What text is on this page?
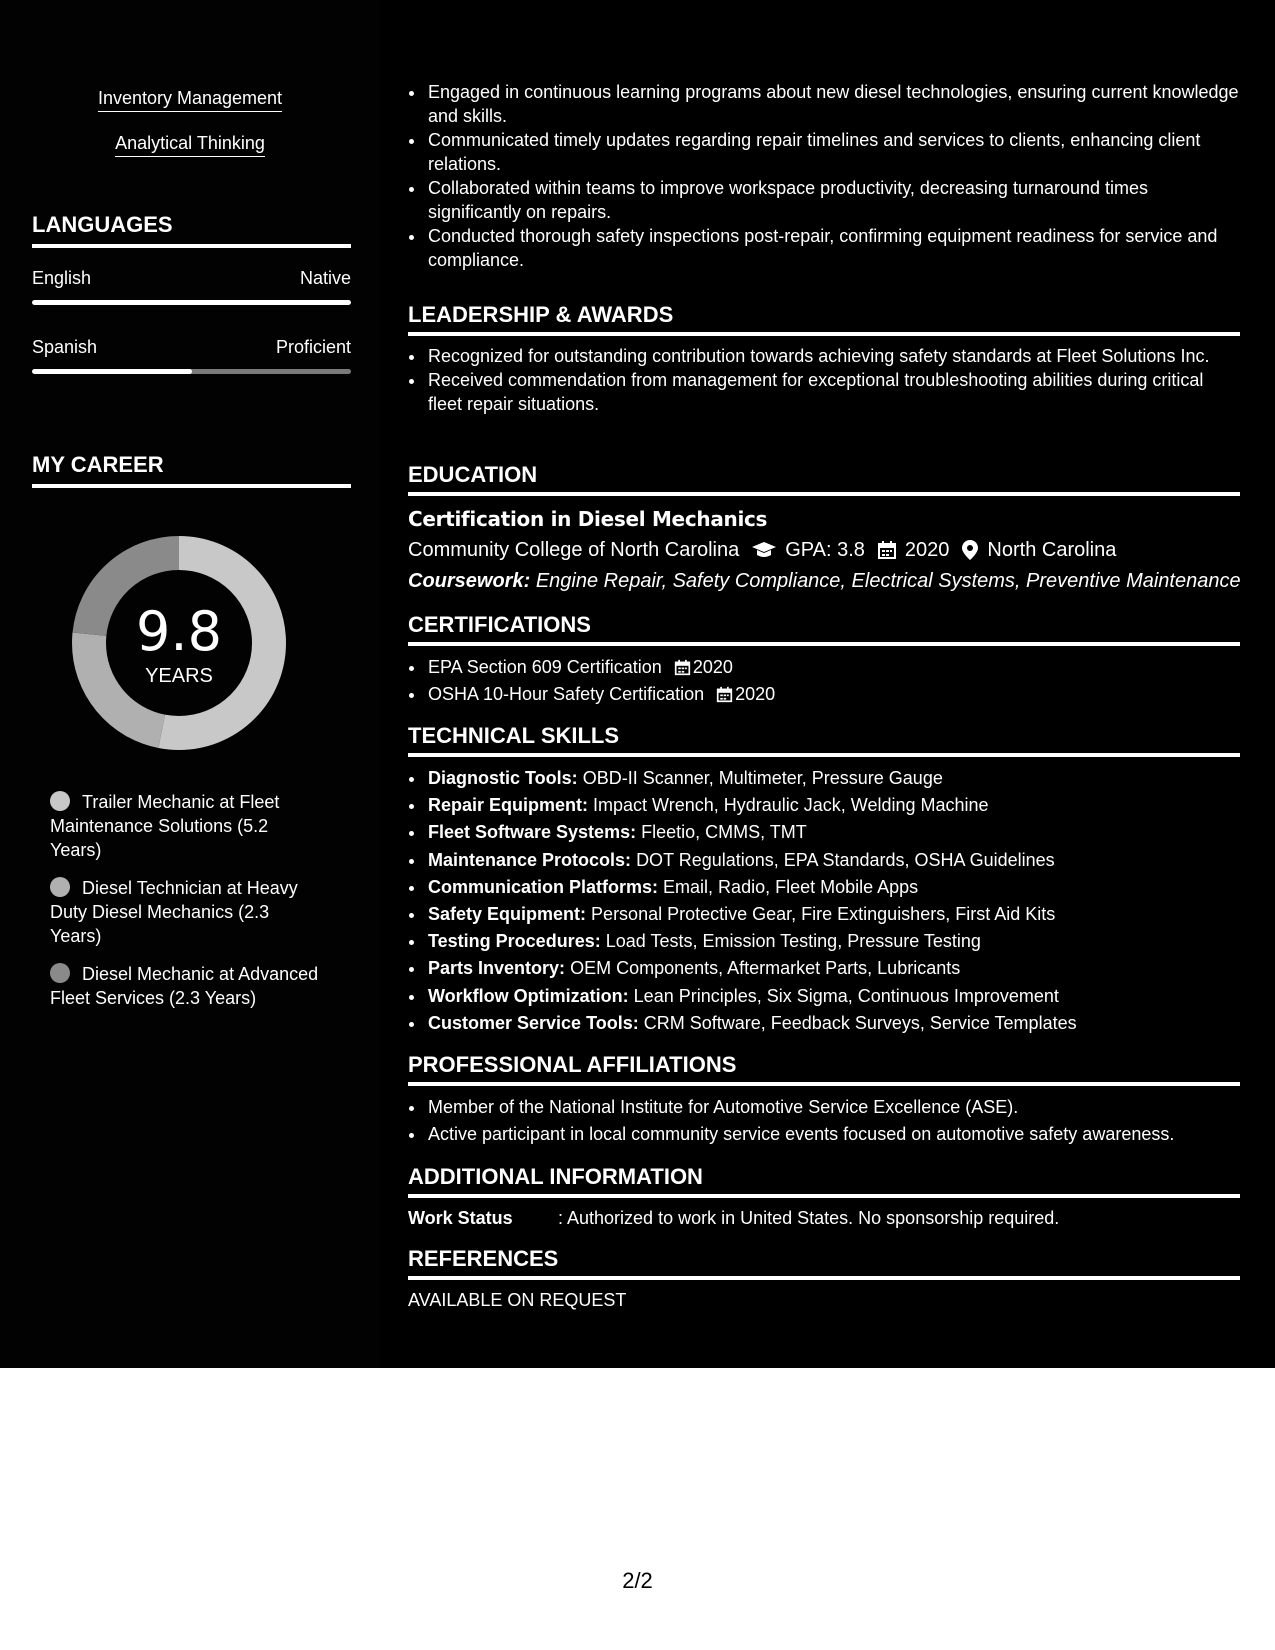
Inventory Management
Analytical Thinking
LANGUAGES
English	Native
Spanish	Proficient
MY CAREER
9.8
YEARS
Trailer Mechanic at Fleet Maintenance Solutions (5.2 Years)
Diesel Technician at Heavy Duty Diesel Mechanics (2.3 Years)
Diesel Mechanic at Advanced Fleet Services (2.3 Years)
• Engaged in continuous learning programs about new diesel technologies, ensuring current knowledge and skills.
• Communicated timely updates regarding repair timelines and services to clients, enhancing client relations.
• Collaborated within teams to improve workspace productivity, decreasing turnaround times significantly on repairs.
• Conducted thorough safety inspections post-repair, confirming equipment readiness for service and compliance.
LEADERSHIP & AWARDS
• Recognized for outstanding contribution towards achieving safety standards at Fleet Solutions Inc.
• Received commendation from management for exceptional troubleshooting abilities during critical fleet repair situations.
EDUCATION
Certification in Diesel Mechanics
Community College of North Carolina GPA: 3.8 2020 North Carolina
Coursework: Engine Repair, Safety Compliance, Electrical Systems, Preventive Maintenance
CERTIFICATIONS
• EPA Section 609 Certification 2020
• OSHA 10-Hour Safety Certification 2020
TECHNICAL SKILLS
• Diagnostic Tools: OBD-II Scanner, Multimeter, Pressure Gauge
• Repair Equipment: Impact Wrench, Hydraulic Jack, Welding Machine
• Fleet Software Systems: Fleetio, CMMS, TMT
• Maintenance Protocols: DOT Regulations, EPA Standards, OSHA Guidelines
• Communication Platforms: Email, Radio, Fleet Mobile Apps
• Safety Equipment: Personal Protective Gear, Fire Extinguishers, First Aid Kits
• Testing Procedures: Load Tests, Emission Testing, Pressure Testing
• Parts Inventory: OEM Components, Aftermarket Parts, Lubricants
• Workflow Optimization: Lean Principles, Six Sigma, Continuous Improvement
• Customer Service Tools: CRM Software, Feedback Surveys, Service Templates
PROFESSIONAL AFFILIATIONS
• Member of the National Institute for Automotive Service Excellence (ASE).
• Active participant in local community service events focused on automotive safety awareness.
ADDITIONAL INFORMATION
Work Status	: Authorized to work in United States. No sponsorship required.
REFERENCES
AVAILABLE ON REQUEST
2/2
